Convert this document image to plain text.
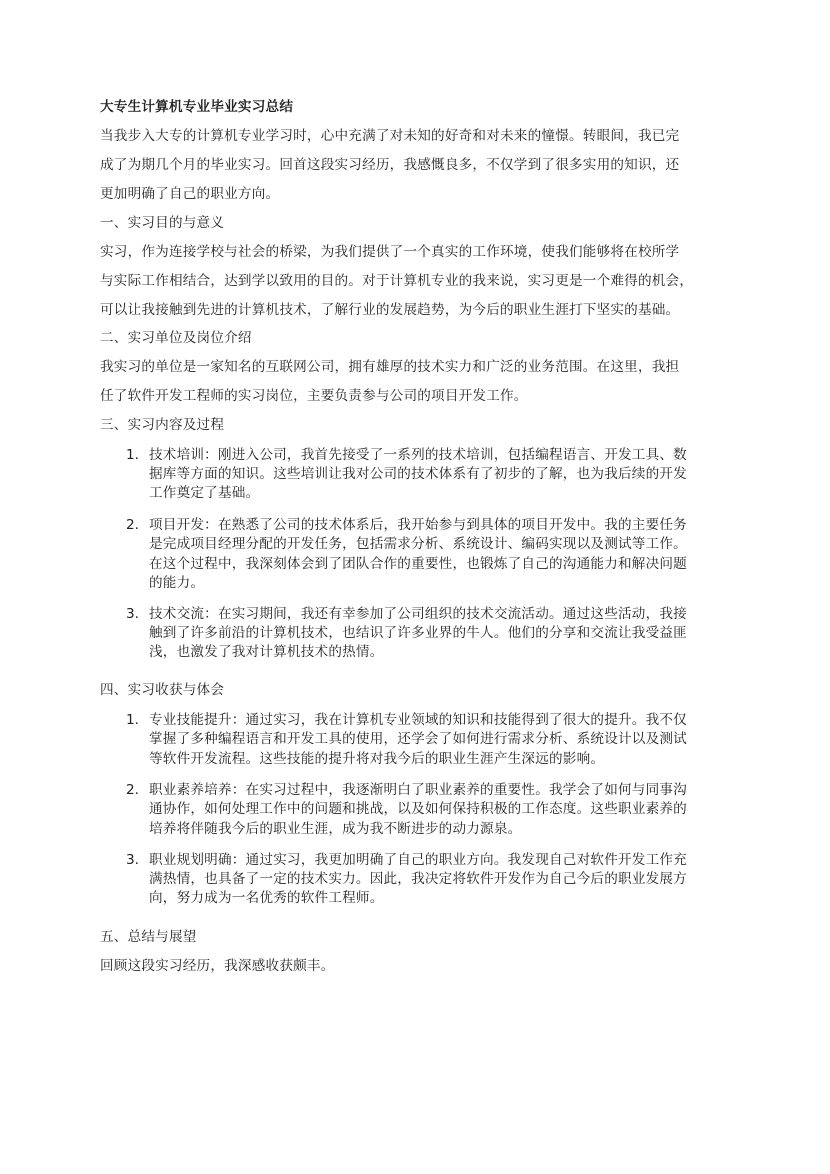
大专生计算机专业毕业实习总结
当我步入大专的计算机专业学习时，心中充满了对未知的好奇和对未来的憧憬。转眼间，我已完
成了为期几个月的毕业实习。回首这段实习经历，我感慨良多，不仅学到了很多实用的知识，还
更加明确了自己的职业方向。
一、实习目的与意义
实习，作为连接学校与社会的桥梁，为我们提供了一个真实的工作环境，使我们能够将在校所学
与实际工作相结合，达到学以致用的目的。对于计算机专业的我来说，实习更是一个难得的机会，
可以让我接触到先进的计算机技术，了解行业的发展趋势，为今后的职业生涯打下坚实的基础。
二、实习单位及岗位介绍
我实习的单位是一家知名的互联网公司，拥有雄厚的技术实力和广泛的业务范围。在这里，我担
任了软件开发工程师的实习岗位，主要负责参与公司的项目开发工作。
三、实习内容及过程
1. 技术培训：刚进入公司，我首先接受了一系列的技术培训，包括编程语言、开发工具、数
据库等方面的知识。这些培训让我对公司的技术体系有了初步的了解，也为我后续的开发
工作奠定了基础。
2. 项目开发：在熟悉了公司的技术体系后，我开始参与到具体的项目开发中。我的主要任务
是完成项目经理分配的开发任务，包括需求分析、系统设计、编码实现以及测试等工作。
在这个过程中，我深刻体会到了团队合作的重要性，也锻炼了自己的沟通能力和解决问题
的能力。
3. 技术交流：在实习期间，我还有幸参加了公司组织的技术交流活动。通过这些活动，我接
触到了许多前沿的计算机技术，也结识了许多业界的牛人。他们的分享和交流让我受益匪
浅，也激发了我对计算机技术的热情。
四、实习收获与体会
1. 专业技能提升：通过实习，我在计算机专业领域的知识和技能得到了很大的提升。我不仅
掌握了多种编程语言和开发工具的使用，还学会了如何进行需求分析、系统设计以及测试
等软件开发流程。这些技能的提升将对我今后的职业生涯产生深远的影响。
2. 职业素养培养：在实习过程中，我逐渐明白了职业素养的重要性。我学会了如何与同事沟
通协作，如何处理工作中的问题和挑战，以及如何保持积极的工作态度。这些职业素养的
培养将伴随我今后的职业生涯，成为我不断进步的动力源泉。
3. 职业规划明确：通过实习，我更加明确了自己的职业方向。我发现自己对软件开发工作充
满热情，也具备了一定的技术实力。因此，我决定将软件开发作为自己今后的职业发展方
向，努力成为一名优秀的软件工程师。
五、总结与展望
回顾这段实习经历，我深感收获颇丰。
